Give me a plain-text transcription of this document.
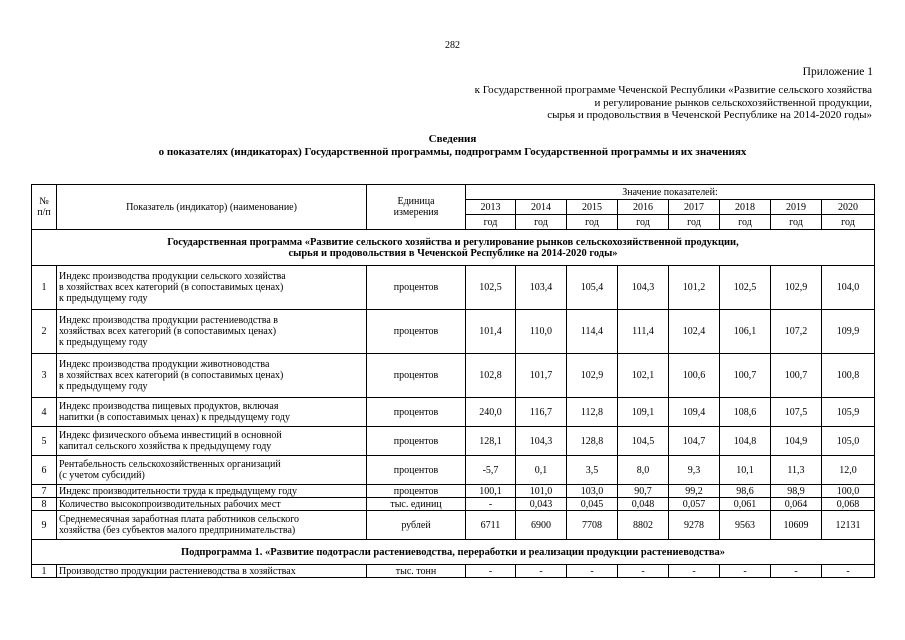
282
Приложение 1
к Государственной программе Чеченской Республики «Развитие сельского хозяйства
и регулирование рынков сельскохозяйственной продукции,
сырья и продовольствия в Чеченской Республике на 2014-2020 годы»
Сведения
о показателях (индикаторах) Государственной программы, подпрограмм Государственной программы и их значениях
№
п/п	Показатель (индикатор) (наименование)	Единица
измерения	Значение показателей:							
			2013	2014	2015	2016	2017	2018	2019	2020
			год	год	год	год	год	год	год	год
Государственная программа «Развитие сельского хозяйства и регулирование рынков сельскохозяйственной продукции,
сырья и продовольствия в Чеченской Республике на 2014-2020 годы»										
1	Индекс производства продукции сельского хозяйства
в хозяйствах всех категорий (в сопоставимых ценах)
к предыдущему году	процентов	102,5	103,4	105,4	104,3	101,2	102,5	102,9	104,0
2	Индекс производства продукции растениеводства в
хозяйствах всех категорий (в сопоставимых ценах)
к предыдущему году	процентов	101,4	110,0	114,4	111,4	102,4	106,1	107,2	109,9
3	Индекс производства продукции животноводства
в хозяйствах всех категорий (в сопоставимых ценах)
к предыдущему году	процентов	102,8	101,7	102,9	102,1	100,6	100,7	100,7	100,8
4	Индекс производства пищевых продуктов, включая
напитки (в сопоставимых ценах) к предыдущему году	процентов	240,0	116,7	112,8	109,1	109,4	108,6	107,5	105,9
5	Индекс физического объема инвестиций в основной
капитал сельского хозяйства к предыдущему году	процентов	128,1	104,3	128,8	104,5	104,7	104,8	104,9	105,0
6	Рентабельность сельскохозяйственных организаций
(с учетом субсидий)	процентов	-5,7	0,1	3,5	8,0	9,3	10,1	11,3	12,0
7	Индекс производительности труда к предыдущему году	процентов	100,1	101,0	103,0	90,7	99,2	98,6	98,9	100,0
8	Количество высокопроизводительных рабочих мест	тыс. единиц	-	0,043	0,045	0,048	0,057	0,061	0,064	0,068
9	Среднемесячная заработная плата работников сельского
хозяйства (без субъектов малого предпринимательства)	рублей	6711	6900	7708	8802	9278	9563	10609	12131
Подпрограмма 1. «Развитие подотрасли растениеводства, переработки и реализации продукции растениеводства»										
1	Производство продукции растениеводства в хозяйствах	тыс. тонн	-	-	-	-	-	-	-	-
